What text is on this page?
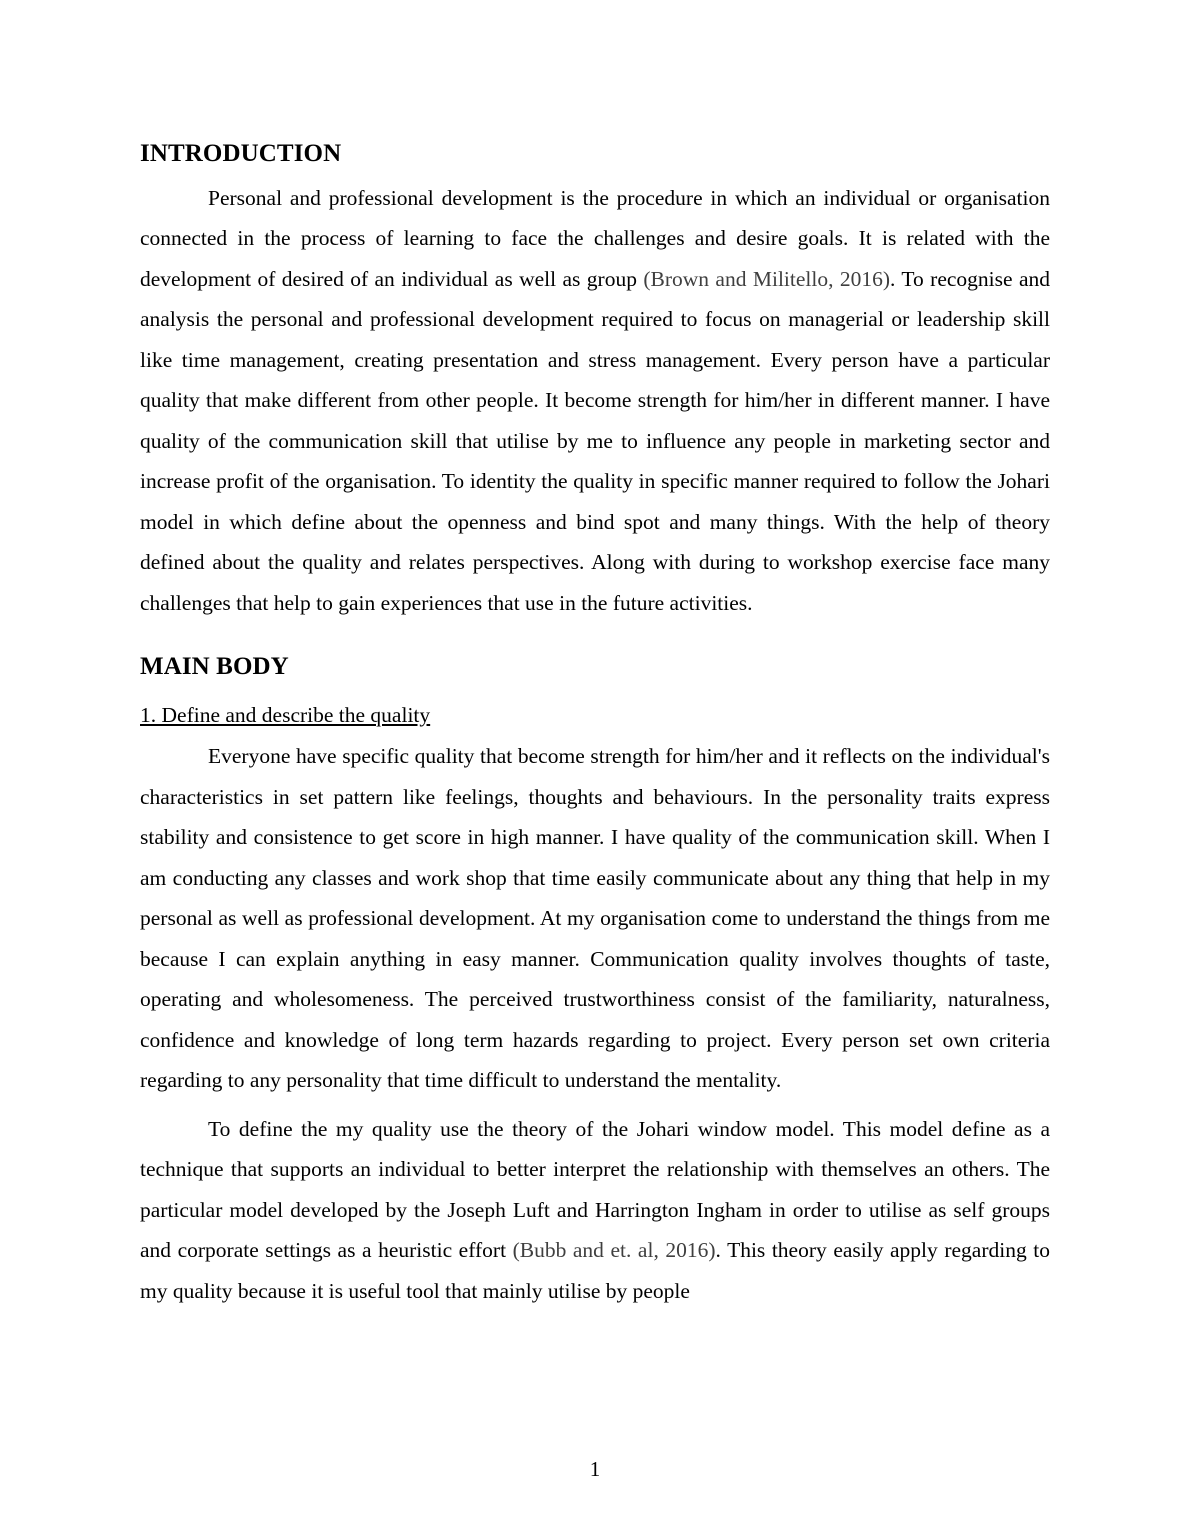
INTRODUCTION

Personal and professional development is the procedure in which an individual or organisation connected in the process of learning to face the challenges and desire goals. It is related with the development of desired of an individual as well as group (Brown and Militello, 2016). To recognise and analysis the personal and professional development required to focus on managerial or leadership skill like time management, creating presentation and stress management. Every person have a particular quality that make different from other people. It become strength for him/her in different manner. I have quality of the communication skill that utilise by me to influence any people in marketing sector and increase profit of the organisation. To identity the quality in specific manner required to follow the Johari model in which define about the openness and bind spot and many things. With the help of theory defined about the quality and relates perspectives. Along with during to workshop exercise face many challenges that help to gain experiences that use in the future activities.

MAIN BODY
1. Define and describe the quality

Everyone have specific quality that become strength for him/her and it reflects on the individual's characteristics in set pattern like feelings, thoughts and behaviours. In the personality traits express stability and consistence to get score in high manner. I have quality of the communication skill. When I am conducting any classes and work shop that time easily communicate about any thing that help in my personal as well as professional development. At my organisation come to understand the things from me because I can explain anything in easy manner. Communication quality involves thoughts of taste, operating and wholesomeness. The perceived trustworthiness consist of the familiarity, naturalness, confidence and knowledge of long term hazards regarding to project. Every person set own criteria regarding to any personality that time difficult to understand the mentality.

To define the my quality use the theory of the Johari window model. This model define as a technique that supports an individual to better interpret the relationship with themselves an others. The particular model developed by the Joseph Luft and Harrington Ingham in order to utilise as self groups and corporate settings as a heuristic effort (Bubb and et. al, 2016). This theory easily apply regarding to my quality because it is useful tool that mainly utilise by people

1
